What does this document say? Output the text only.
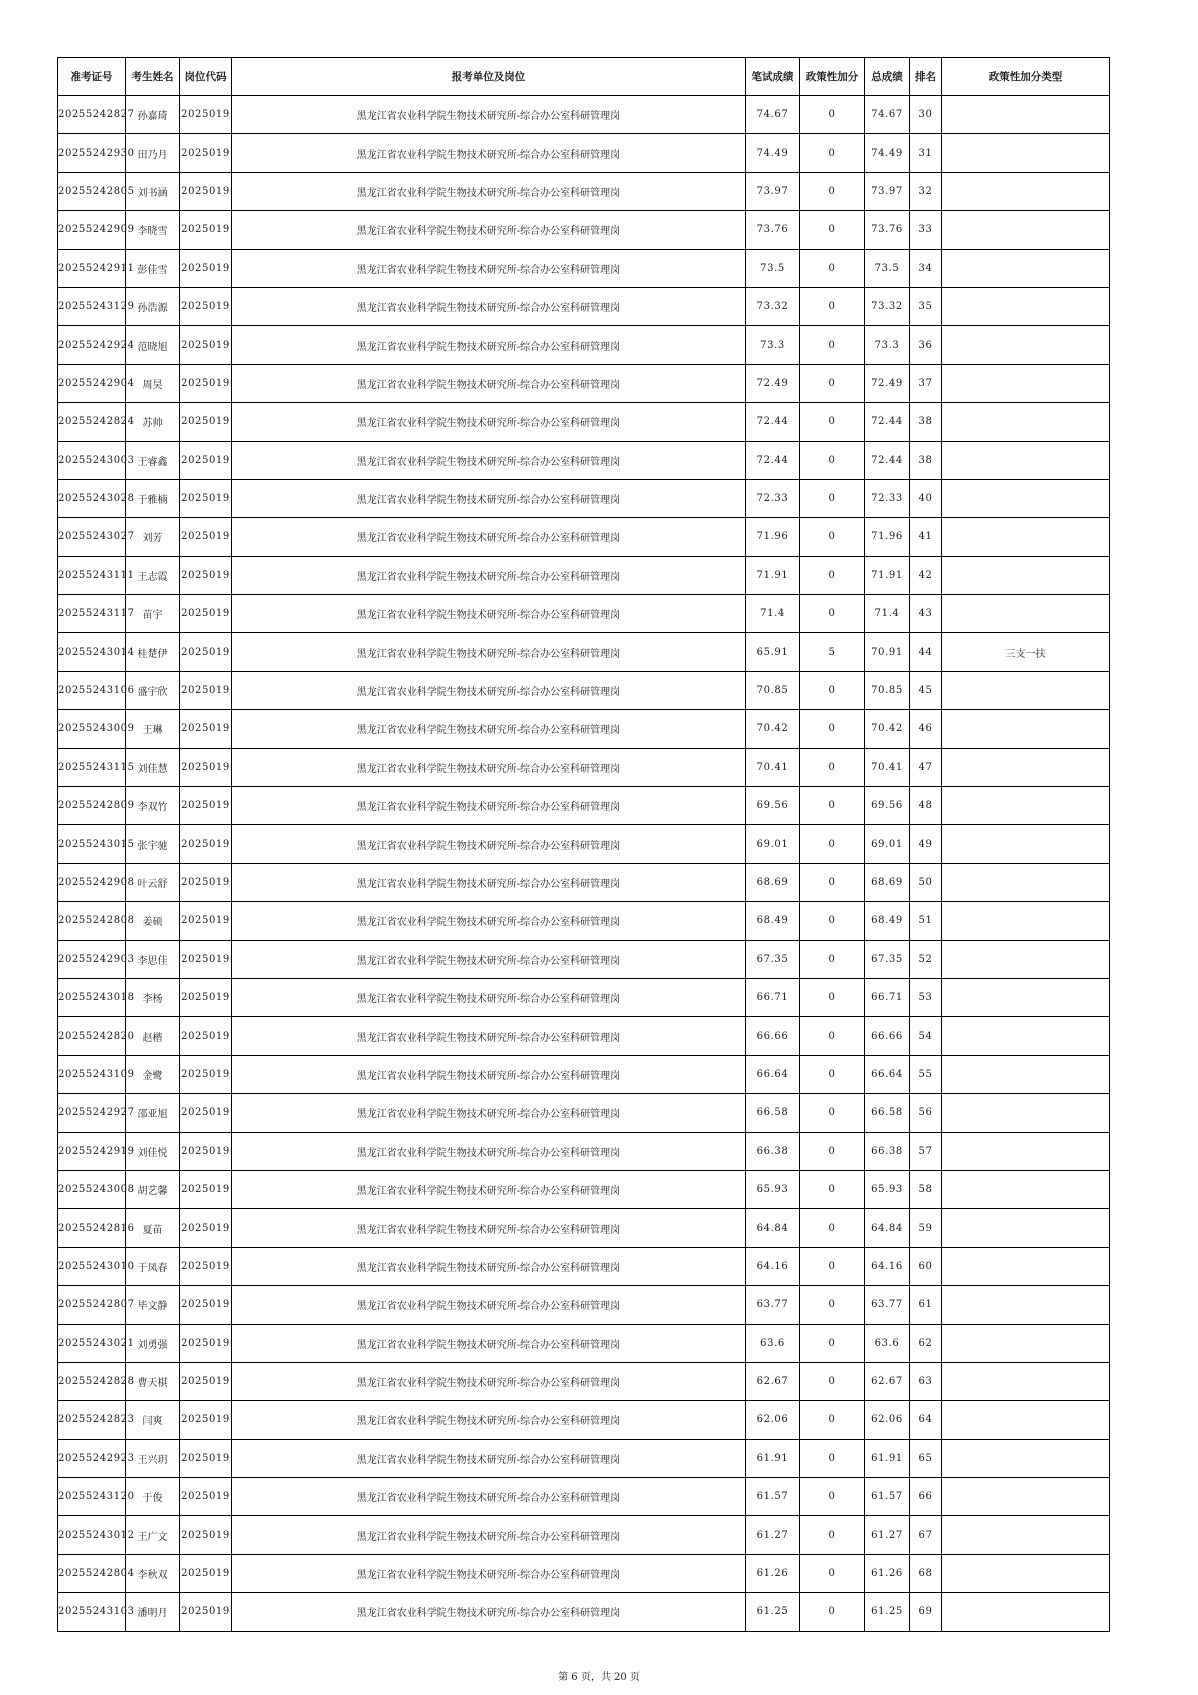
准考证号	考生姓名	岗位代码	报考单位及岗位	笔试成绩	政策性加分	总成绩	排名	政策性加分类型
20255242827	孙嘉琦	2025019	黑龙江省农业科学院生物技术研究所-综合办公室科研管理岗	74.67	0	74.67	30	
20255242930	田乃月	2025019	黑龙江省农业科学院生物技术研究所-综合办公室科研管理岗	74.49	0	74.49	31	
20255242805	刘书涵	2025019	黑龙江省农业科学院生物技术研究所-综合办公室科研管理岗	73.97	0	73.97	32	
20255242909	李晓雪	2025019	黑龙江省农业科学院生物技术研究所-综合办公室科研管理岗	73.76	0	73.76	33	
20255242911	彭佳雪	2025019	黑龙江省农业科学院生物技术研究所-综合办公室科研管理岗	73.5	0	73.5	34	
20255243129	孙浩源	2025019	黑龙江省农业科学院生物技术研究所-综合办公室科研管理岗	73.32	0	73.32	35	
20255242924	范晓旭	2025019	黑龙江省农业科学院生物技术研究所-综合办公室科研管理岗	73.3	0	73.3	36	
20255242904	周昊	2025019	黑龙江省农业科学院生物技术研究所-综合办公室科研管理岗	72.49	0	72.49	37	
20255242824	苏帅	2025019	黑龙江省农业科学院生物技术研究所-综合办公室科研管理岗	72.44	0	72.44	38	
20255243003	王睿鑫	2025019	黑龙江省农业科学院生物技术研究所-综合办公室科研管理岗	72.44	0	72.44	38	
20255243028	于雅楠	2025019	黑龙江省农业科学院生物技术研究所-综合办公室科研管理岗	72.33	0	72.33	40	
20255243027	刘芳	2025019	黑龙江省农业科学院生物技术研究所-综合办公室科研管理岗	71.96	0	71.96	41	
20255243111	王志霞	2025019	黑龙江省农业科学院生物技术研究所-综合办公室科研管理岗	71.91	0	71.91	42	
20255243117	苗宇	2025019	黑龙江省农业科学院生物技术研究所-综合办公室科研管理岗	71.4	0	71.4	43	
20255243014	桂楚伊	2025019	黑龙江省农业科学院生物技术研究所-综合办公室科研管理岗	65.91	5	70.91	44	三支一扶
20255243106	盛宇欣	2025019	黑龙江省农业科学院生物技术研究所-综合办公室科研管理岗	70.85	0	70.85	45	
20255243009	王琳	2025019	黑龙江省农业科学院生物技术研究所-综合办公室科研管理岗	70.42	0	70.42	46	
20255243115	刘佳慧	2025019	黑龙江省农业科学院生物技术研究所-综合办公室科研管理岗	70.41	0	70.41	47	
20255242809	李双竹	2025019	黑龙江省农业科学院生物技术研究所-综合办公室科研管理岗	69.56	0	69.56	48	
20255243015	张宇驰	2025019	黑龙江省农业科学院生物技术研究所-综合办公室科研管理岗	69.01	0	69.01	49	
20255242908	叶云舒	2025019	黑龙江省农业科学院生物技术研究所-综合办公室科研管理岗	68.69	0	68.69	50	
20255242808	姜硕	2025019	黑龙江省农业科学院生物技术研究所-综合办公室科研管理岗	68.49	0	68.49	51	
20255242903	李思佳	2025019	黑龙江省农业科学院生物技术研究所-综合办公室科研管理岗	67.35	0	67.35	52	
20255243018	李杨	2025019	黑龙江省农业科学院生物技术研究所-综合办公室科研管理岗	66.71	0	66.71	53	
20255242820	赵楷	2025019	黑龙江省农业科学院生物技术研究所-综合办公室科研管理岗	66.66	0	66.66	54	
20255243109	金鹭	2025019	黑龙江省农业科学院生物技术研究所-综合办公室科研管理岗	66.64	0	66.64	55	
20255242927	邵亚旭	2025019	黑龙江省农业科学院生物技术研究所-综合办公室科研管理岗	66.58	0	66.58	56	
20255242919	刘佳悦	2025019	黑龙江省农业科学院生物技术研究所-综合办公室科研管理岗	66.38	0	66.38	57	
20255243008	胡艺馨	2025019	黑龙江省农业科学院生物技术研究所-综合办公室科研管理岗	65.93	0	65.93	58	
20255242816	夏苗	2025019	黑龙江省农业科学院生物技术研究所-综合办公室科研管理岗	64.84	0	64.84	59	
20255243010	于凤春	2025019	黑龙江省农业科学院生物技术研究所-综合办公室科研管理岗	64.16	0	64.16	60	
20255242807	毕文静	2025019	黑龙江省农业科学院生物技术研究所-综合办公室科研管理岗	63.77	0	63.77	61	
20255243021	刘勇强	2025019	黑龙江省农业科学院生物技术研究所-综合办公室科研管理岗	63.6	0	63.6	62	
20255242828	曹天棋	2025019	黑龙江省农业科学院生物技术研究所-综合办公室科研管理岗	62.67	0	62.67	63	
20255242823	闫爽	2025019	黑龙江省农业科学院生物技术研究所-综合办公室科研管理岗	62.06	0	62.06	64	
20255242923	王兴玥	2025019	黑龙江省农业科学院生物技术研究所-综合办公室科研管理岗	61.91	0	61.91	65	
20255243120	于俊	2025019	黑龙江省农业科学院生物技术研究所-综合办公室科研管理岗	61.57	0	61.57	66	
20255243012	王广文	2025019	黑龙江省农业科学院生物技术研究所-综合办公室科研管理岗	61.27	0	61.27	67	
20255242804	李秋双	2025019	黑龙江省农业科学院生物技术研究所-综合办公室科研管理岗	61.26	0	61.26	68	
20255243103	潘明月	2025019	黑龙江省农业科学院生物技术研究所-综合办公室科研管理岗	61.25	0	61.25	69	
第 6 页，共 20 页
